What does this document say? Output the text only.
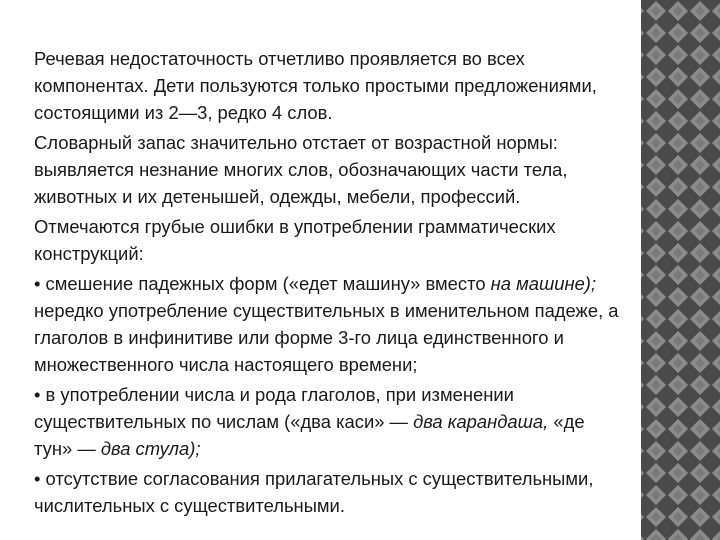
Речевая недостаточность отчетливо проявляется во всех компонентах. Дети пользуются только простыми предложениями, состоящими из 2—3, редко 4 слов.

Словарный запас значительно отстает от возрастной нормы: выявляется незнание многих слов, обозначающих части тела, животных и их детенышей, одежды, мебели, профессий.

Отмечаются грубые ошибки в употреблении грамматических конструкций:

• смешение падежных форм («едет машину» вместо на машине);

нередко употребление существительных в именительном падеже, а глаголов в инфинитиве или форме 3-го лица единственного и множественного числа настоящего времени;

• в употреблении числа и рода глаголов, при изменении существительных по числам («два каси» — два карандаша, «де тун» — два стула);

• отсутствие согласования прилагательных с существительными, числительных с существительными.
